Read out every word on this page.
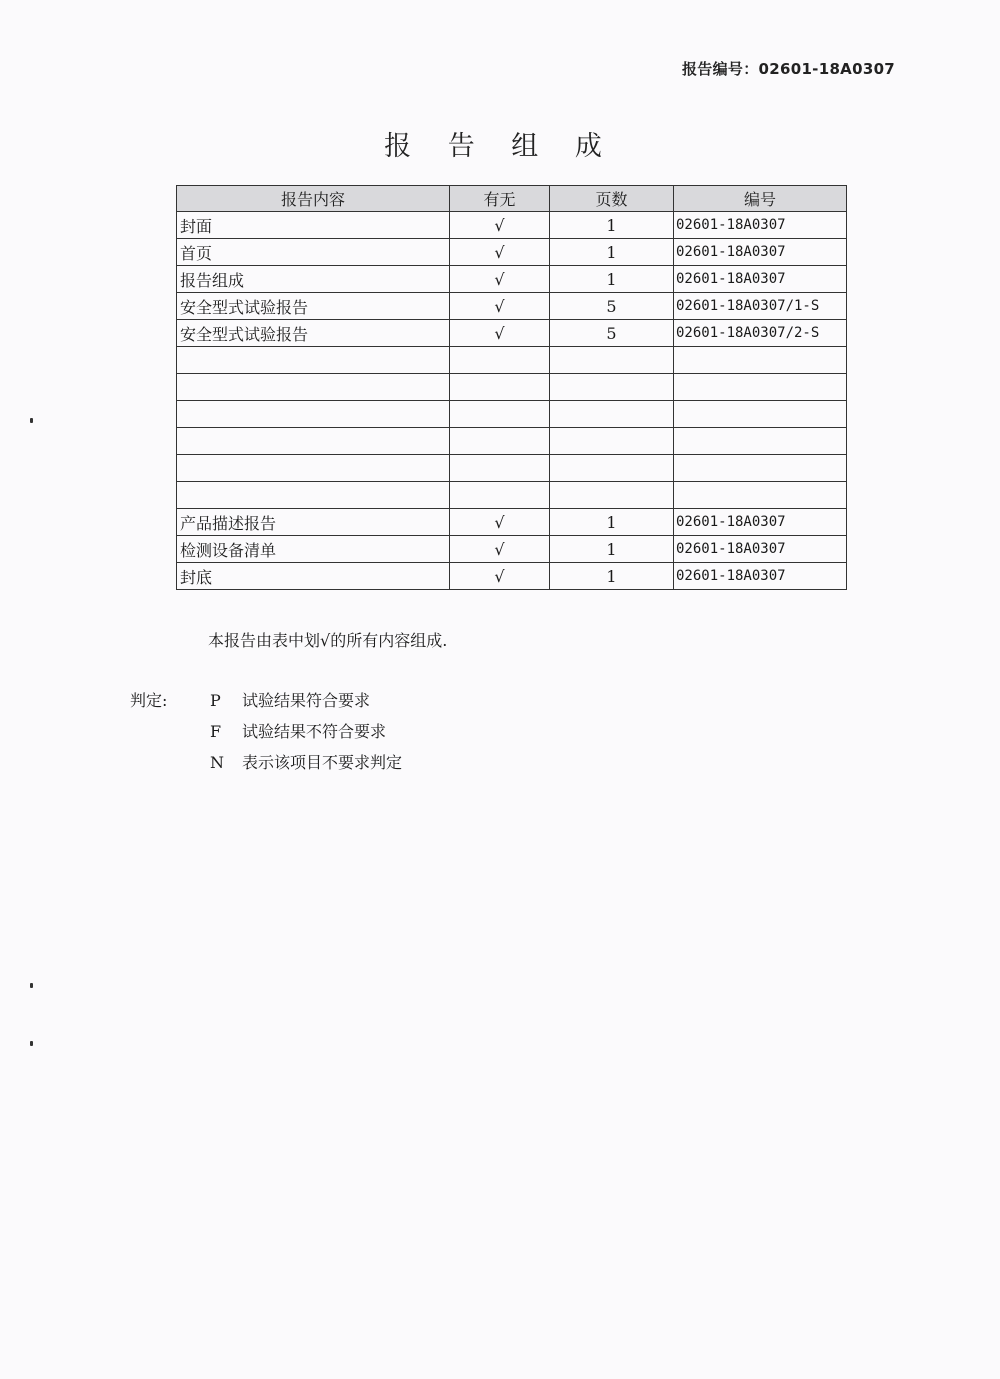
报告编号：02601-18A0307
报 告 组 成
报告内容	有无	页数	编号
封面	√	1	02601-18A0307
首页	√	1	02601-18A0307
报告组成	√	1	02601-18A0307
安全型式试验报告	√	5	02601-18A0307/1-S
安全型式试验报告	√	5	02601-18A0307/2-S

产品描述报告	√	1	02601-18A0307
检测设备清单	√	1	02601-18A0307
封底	√	1	02601-18A0307
本报告由表中划√的所有内容组成.
判定:	P 试验结果符合要求
F 试验结果不符合要求
N 表示该项目不要求判定
